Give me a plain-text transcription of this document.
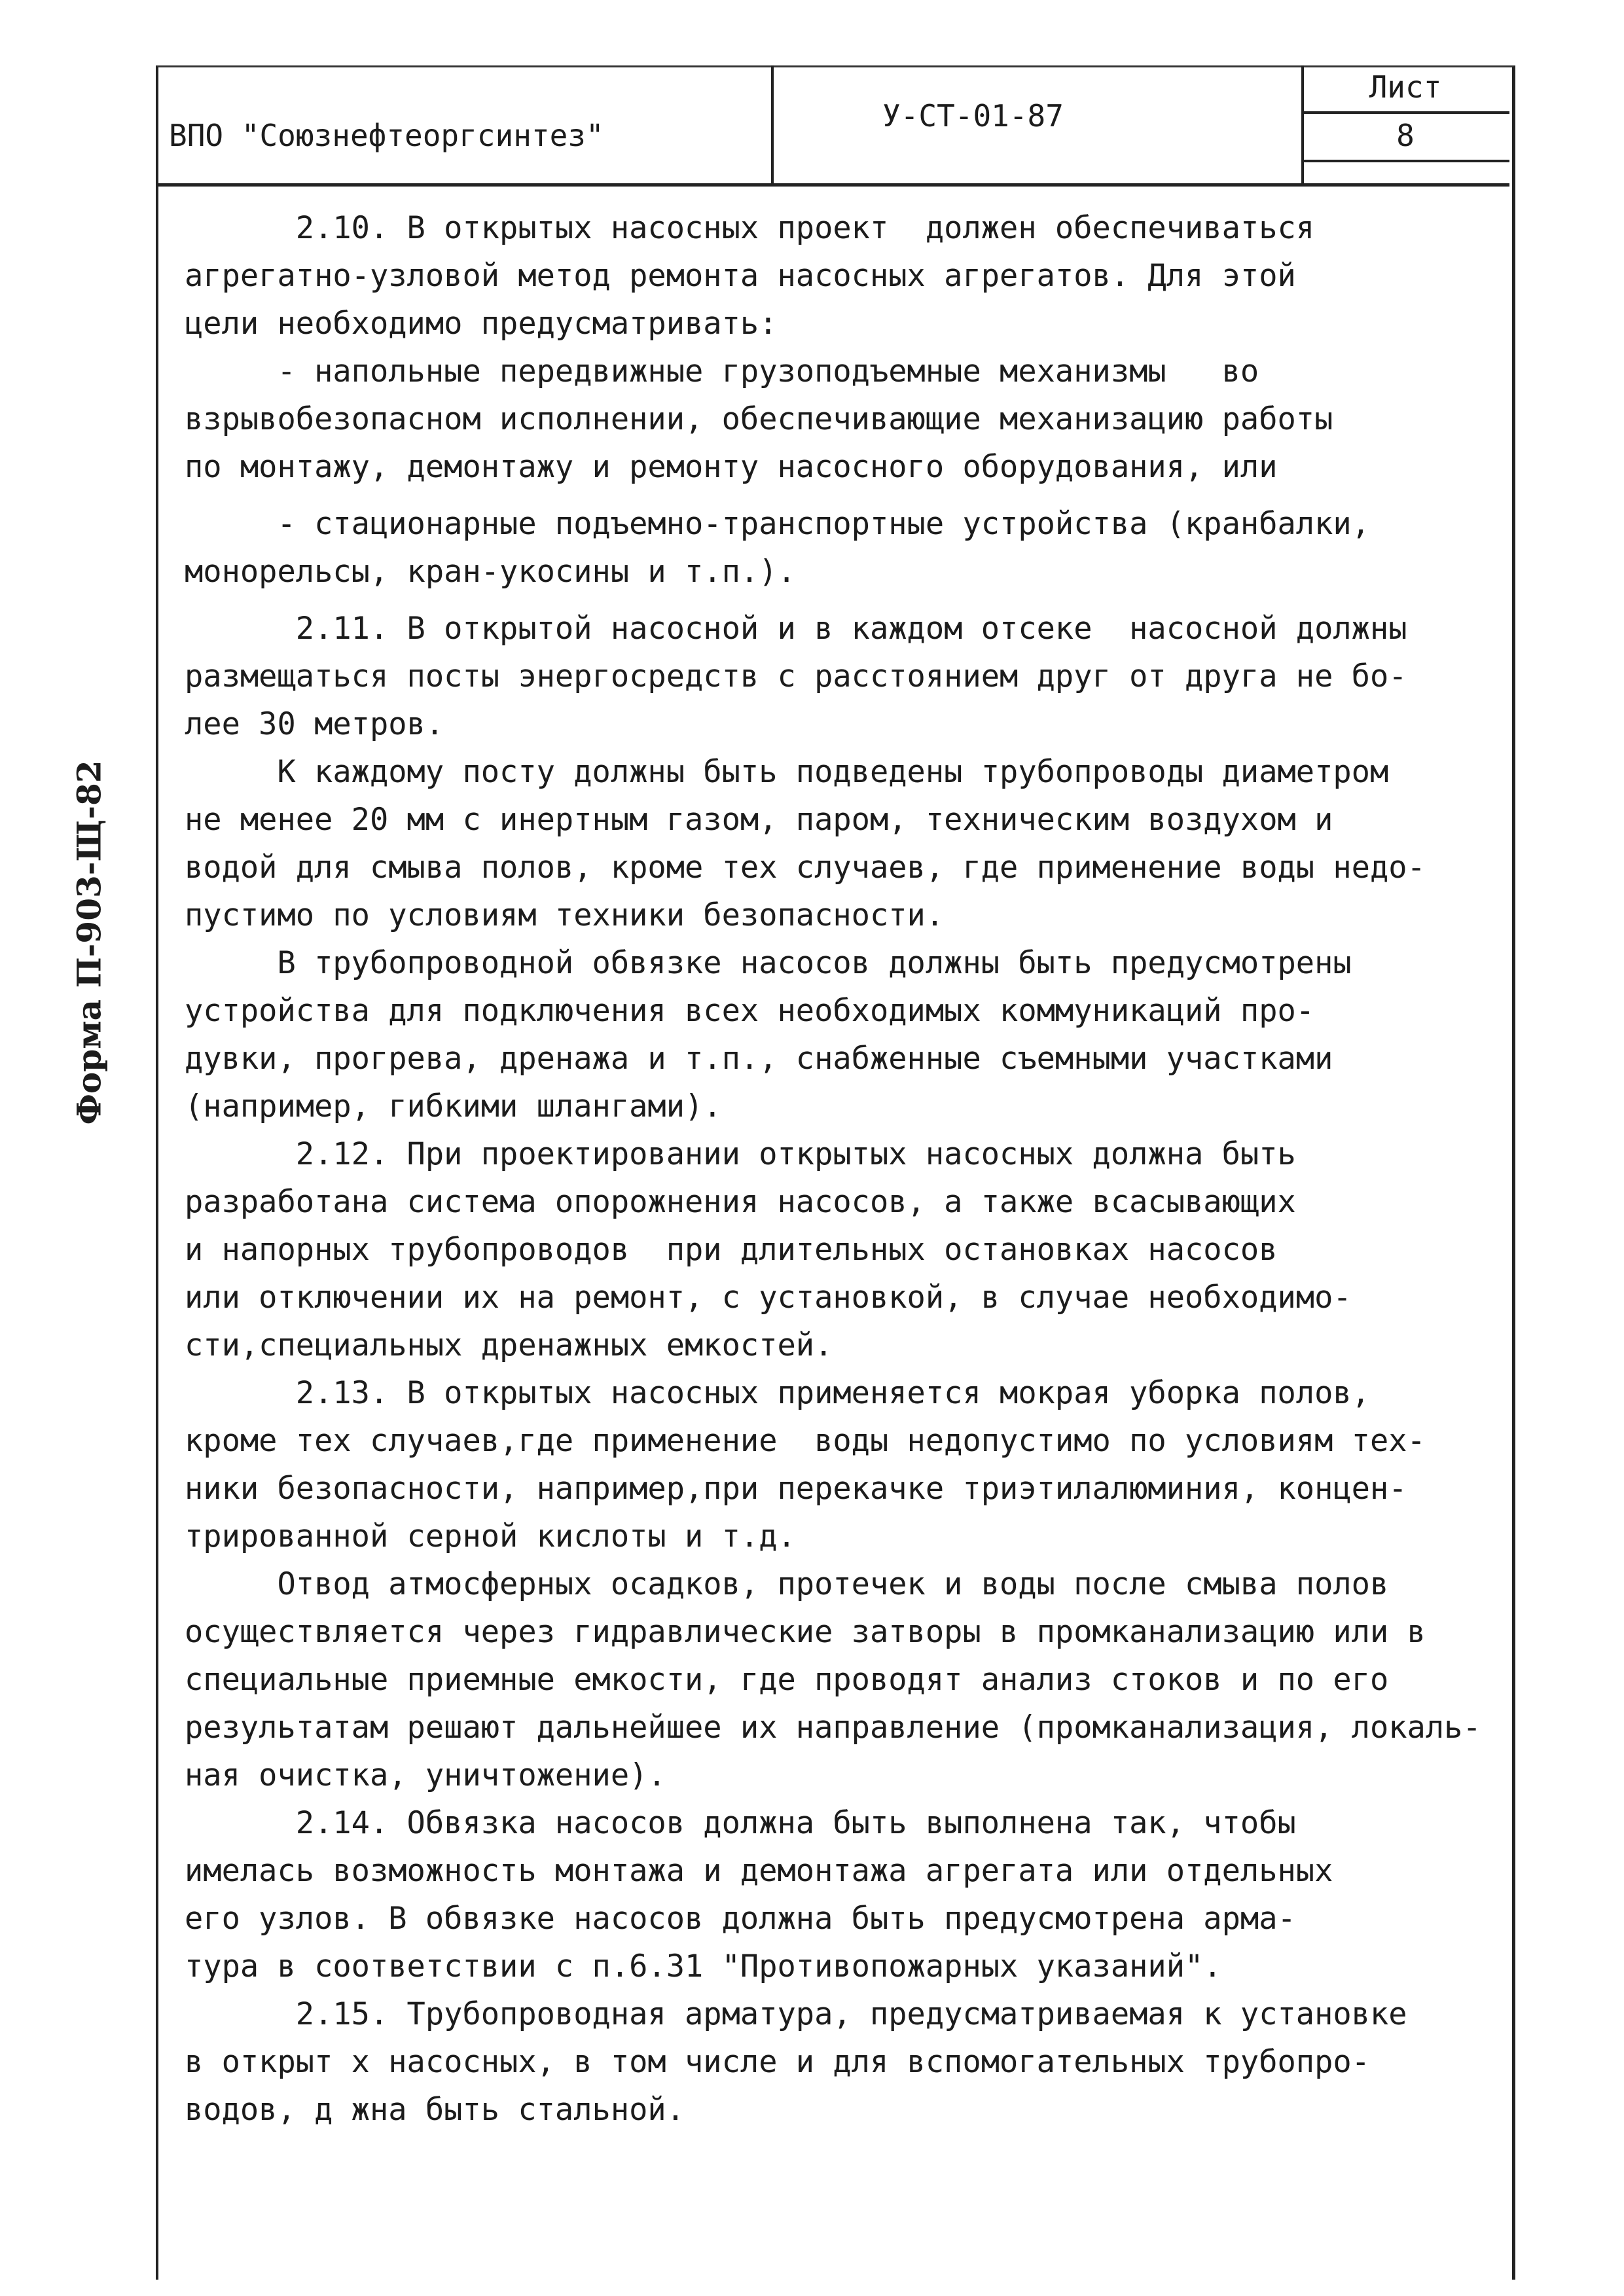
ВПО "Союзнефтеоргсинтез"
У-СТ-01-87
Лист
8
Форма П-903-Щ-82

2.10. В открытых насосных проект  должен обеспечиваться

агрегатно-узловой метод ремонта насосных агрегатов. Для этой

цели необходимо предусматривать:

- напольные передвижные грузоподъемные механизмы   во

взрывобезопасном исполнении, обеспечивающие механизацию работы

по монтажу, демонтажу и ремонту насосного оборудования, или

- стационарные подъемно-транспортные устройства (кранбалки,

монорельсы, кран-укосины и т.п.).

2.11. В открытой насосной и в каждом отсеке  насосной должны

размещаться посты энергосредств с расстоянием друг от друга не бо-

лее 30 метров.

К каждому посту должны быть подведены трубопроводы диаметром

не менее 20 мм с инертным газом, паром, техническим воздухом и

водой для смыва полов, кроме тех случаев, где применение воды недо-

пустимо по условиям техники безопасности.

В трубопроводной обвязке насосов должны быть предусмотрены

устройства для подключения всех необходимых коммуникаций про-

дувки, прогрева, дренажа и т.п., снабженные съемными участками

(например, гибкими шлангами).

2.12. При проектировании открытых насосных должна быть

разработана система опорожнения насосов, а также всасывающих

и напорных трубопроводов  при длительных остановках насосов

или отключении их на ремонт, с установкой, в случае необходимо-

сти,специальных дренажных емкостей.

2.13. В открытых насосных применяется мокрая уборка полов,

кроме тех случаев,где применение  воды недопустимо по условиям тех-

ники безопасности, например,при перекачке триэтилалюминия, концен-

трированной серной кислоты и т.д.

Отвод атмосферных осадков, протечек и воды после смыва полов

осуществляется через гидравлические затворы в промканализацию или в

специальные приемные емкости, где проводят анализ стоков и по его

результатам решают дальнейшее их направление (промканализация, локаль-

ная очистка, уничтожение).

2.14. Обвязка насосов должна быть выполнена так, чтобы

имелась возможность монтажа и демонтажа агрегата или отдельных

его узлов. В обвязке насосов должна быть предусмотрена арма-

тура в соответствии с п.6.31 "Противопожарных указаний".

2.15. Трубопроводная арматура, предусматриваемая к установке

в открыт х насосных, в том числе и для вспомогательных трубопро-

водов, д жна быть стальной.
